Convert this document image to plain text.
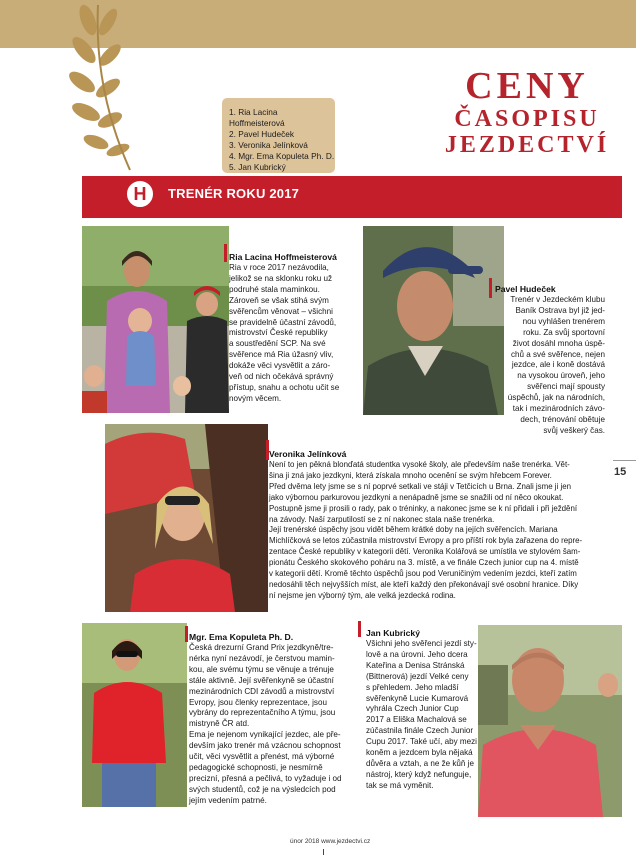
1. Ria Lacina Hoffmeisterová
2. Pavel Hudeček
3. Veronika Jelínková
4. Mgr. Ema Kopuleta Ph. D.
5. Jan Kubrický
CENY
ČASOPISU
JEZDECTVÍ
H	TRENÉR ROKU 2017
Ria Lacina Hoffmeisterová
Ria v roce 2017 nezávodila,
jelikož se na sklonku roku už
podruhé stala maminkou.
Zároveň se však stihá svým
svěřencům věnovat – všichni
se pravidelně účastní závodů,
mistrovství České republiky
a soustředění SCP. Na své
svěřence má Ria úžasný vliv,
dokáže věci vysvětlit a záro-
veň od nich očekává správný
přístup, snahu a ochotu učit se
novým věcem.
Pavel Hudeček
Trenér v Jezdeckém klubu
Baník Ostrava byl již jed-
nou vyhlášen trenérem
roku. Za svůj sportovní
život dosáhl mnoha úspě-
chů a své svěřence, nejen
jezdce, ale i koně dostává
na vysokou úroveň, jeho
svěřenci mají spousty
úspěchů, jak na národních,
tak i mezinárodních závo-
dech, trénování obětuje
svůj veškerý čas.
Veronika Jelínková
Není to jen pěkná blonďatá studentka vysoké školy, ale především naše trenérka. Vět-
šina ji zná jako jezdkyni, která získala mnoho ocenění se svým hřebcem Forever.
Před dvěma lety jsme se s ní poprvé setkali ve stáji v Tetčicích u Brna. Znali jsme ji jen
jako výbornou parkurovou jezdkyni a nenápadně jsme se snažili od ní něco okoukat.
Postupně jsme ji prosili o rady, pak o tréninky, a nakonec jsme se k ní přidali i při ježdění
na závody. Naší zarputilostí se z ní nakonec stala naše trenérka.
Její trenérské úspěchy jsou vidět během krátké doby na jejích svěřencích. Mariana
Michlíčková se letos zúčastnila mistrovství Evropy a pro příští rok byla zařazena do repre-
zentace České republiky v kategorii dětí. Veronika Kolářová se umístila ve stylovém šam-
pionátu Českého skokového poháru na 3. místě, a ve finále Czech junior cup na 4. místě
v kategorii dětí. Kromě těchto úspěchů jsou pod Veruničiným vedením jezdci, kteří zatím
nedosáhli těch nejvyšších míst, ale kteří každý den překonávají své osobní hranice. Díky
ní nejsme jen výborný tým, ale velká jezdecká rodina.
15
Mgr. Ema Kopuleta Ph. D.
Česká drezurní Grand Prix jezdkyně/tre-
nérka nyní nezávodí, je čerstvou mamin-
kou, ale svému týmu se věnuje a trénuje
stále aktivně. Její svěřenkyně se účastní
mezinárodních CDI závodů a mistrovství
Evropy, jsou členky reprezentace, jsou
vybrány do reprezentačního A týmu, jsou
mistryně ČR atd.
Ema je nejenom vynikající jezdec, ale pře-
devším jako trenér má vzácnou schopnost
učit, věci vysvětlit a přenést, má výborné
pedagogické schopnosti, je nesmírně
precizní, přesná a pečlivá, to vyžaduje i od
svých studentů, což je na výsledcích pod
jejím vedením patrné.
Jan Kubrický
Všichni jeho svěřenci jezdí sty-
lově a na úrovni. Jeho dcera
Kateřina a Denisa Stránská
(Bittnerová) jezdí Velké ceny
s přehledem. Jeho mladší
svěřenkyně Lucie Kumarová
vyhrála Czech Junior Cup
2017 a Eliška Machalová se
zúčastnila finále Czech Junior
Cupu 2017. Také učí, aby mezi
koněm a jezdcem byla nějaká
důvěra a vztah, a ne že kůň je
nástroj, který když nefunguje,
tak se má vyměnit.
únor 2018 www.jezdectvi.cz
